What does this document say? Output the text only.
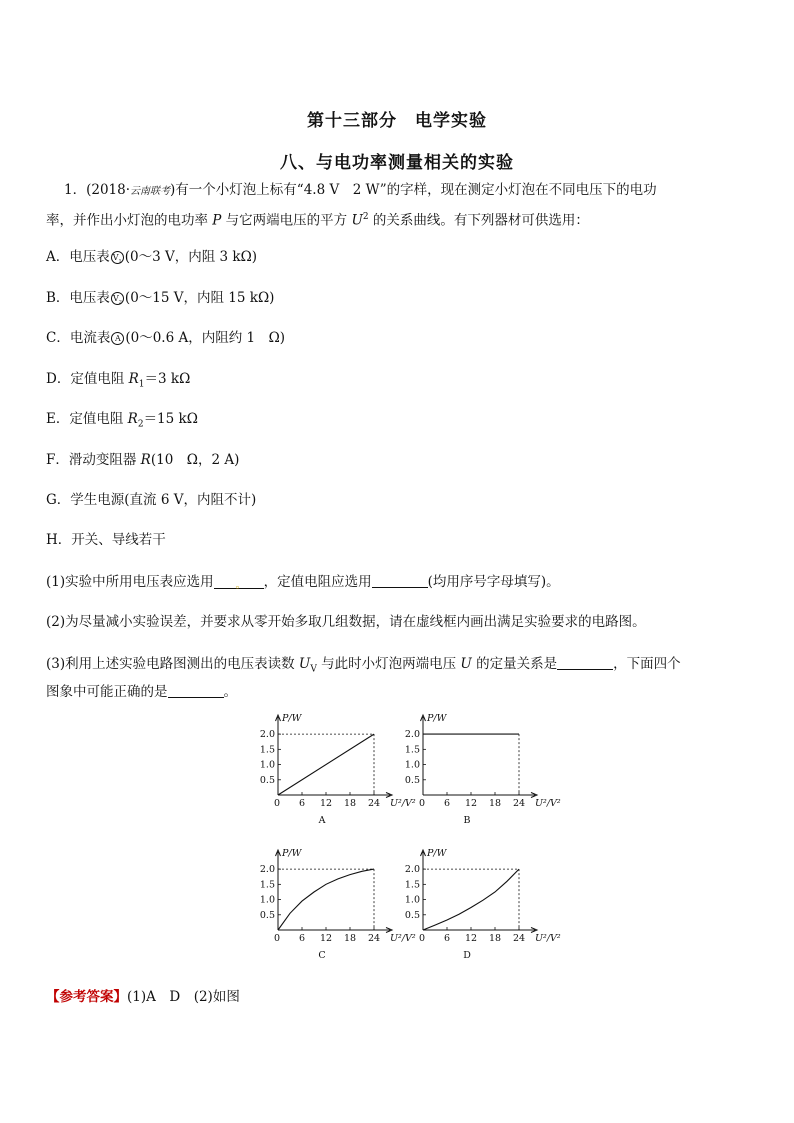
第十三部分　电学实验
八、与电功率测量相关的实验
1．(2018·云南联考)有一个小灯泡上标有“4.8 V　2 W”的字样，现在测定小灯泡在不同电压下的电功
率，并作出小灯泡的电功率 P 与它两端电压的平方 $U^2$ 的关系曲线。有下列器材可供选用：
A．电压表 $V_1$ (0～3 V，内阻 3 kΩ)
B．电压表 $V_2$ (0～15 V，内阻 15 kΩ)
C．电流表 A (0～0.6 A，内阻约 1　Ω)
D．定值电阻 $R_1=3$ kΩ
E．定值电阻 $R_2=15$ kΩ
F．滑动变阻器 R(10　Ω，2 A)
G．学生电源(直流 6 V，内阻不计)
H．开关、导线若干
(1)实验中所用电压表应选用 。 ，定值电阻应选用	(均用序号字母填写)。
(2)为尽量减小实验误差，并要求从零开始多取几组数据，请在虚线框内画出满足实验要求的电路图。
(3)利用上述实验电路图测出的电压表读数 $U_V$ 与此时小灯泡两端电压 U 的定量关系是	，下面四个
图象中可能正确的是	。
0.5
1.0
1.5
2.0
0 6 12 18 24
P/W
U²/V²
A
0.5
1.0
1.5
2.0
0 6 12 18 24
P/W
U²/V²
B
0.5
1.0
1.5
2.0
0 6 12 18 24
P/W
U²/V²
C
0.5
1.0
1.5
2.0
0 6 12 18 24
P/W
U²/V²
D
【参考答案】(1)A　D　(2)如图
